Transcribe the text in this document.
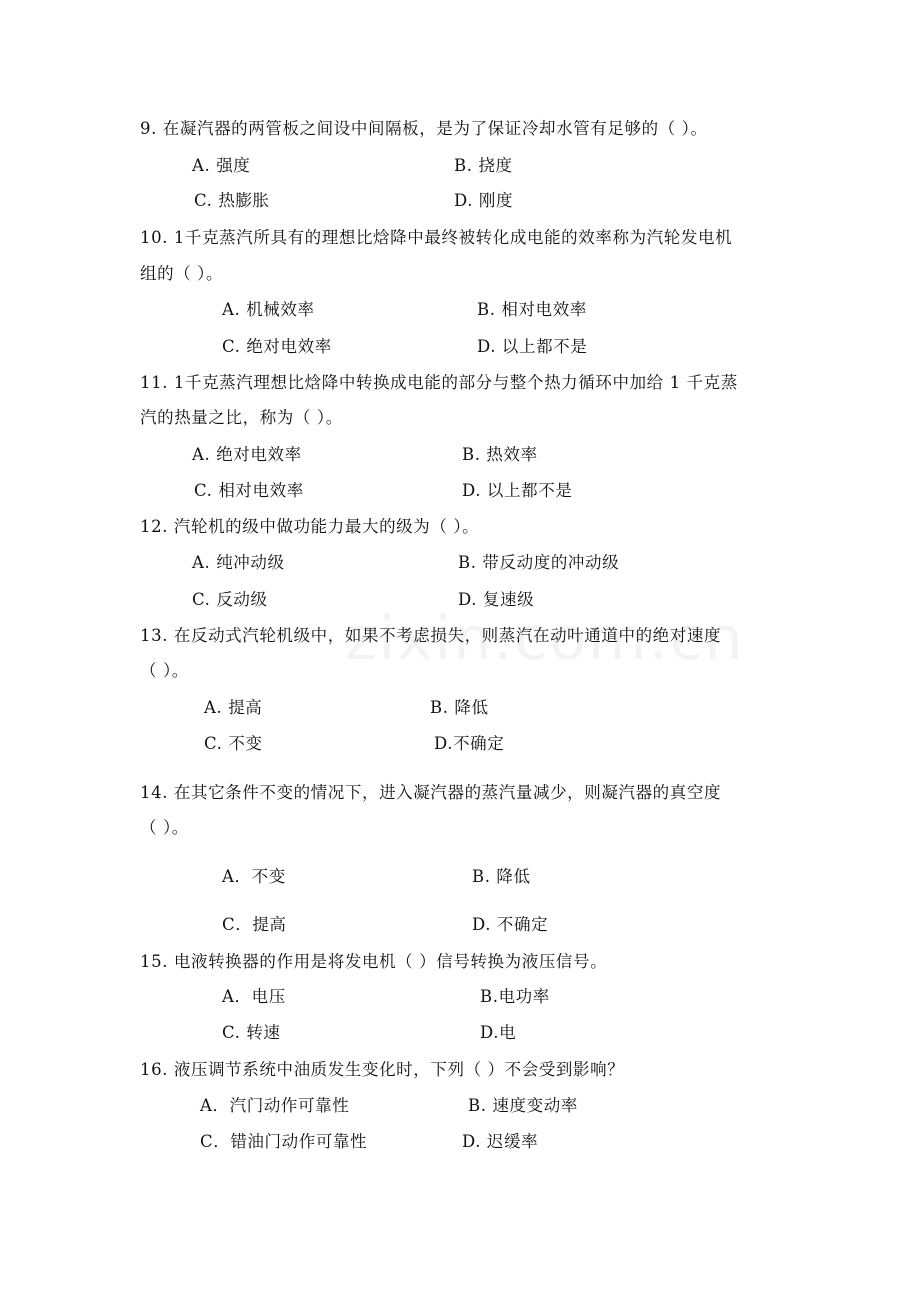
9. 在凝汽器的两管板之间设中间隔板，是为了保证冷却水管有足够的（ ）。
A. 强度	B. 挠度
C. 热膨胀	D. 刚度
10. 1千克蒸汽所具有的理想比焓降中最终被转化成电能的效率称为汽轮发电机
组的（ ）。
A. 机械效率	B. 相对电效率
C. 绝对电效率	D. 以上都不是
11. 1千克蒸汽理想比焓降中转换成电能的部分与整个热力循环中加给 1 千克蒸
汽的热量之比，称为（ ）。
A. 绝对电效率	B. 热效率
C. 相对电效率	D. 以上都不是
12. 汽轮机的级中做功能力最大的级为（ ）。
A. 纯冲动级	B. 带反动度的冲动级
C. 反动级	D. 复速级
13. 在反动式汽轮机级中，如果不考虑损失，则蒸汽在动叶通道中的绝对速度
（ ）。
A. 提高	B. 降低
C. 不变	D.不确定
14. 在其它条件不变的情况下，进入凝汽器的蒸汽量减少，则凝汽器的真空度
（ ）。
A．不变	B. 降低
C．提高	D. 不确定
15. 电液转换器的作用是将发电机（ ）信号转换为液压信号。
A．电压	B.电功率
C. 转速	D.电
16. 液压调节系统中油质发生变化时，下列（ ）不会受到影响？
A．汽门动作可靠性	B. 速度变动率
C．错油门动作可靠性	D. 迟缓率
